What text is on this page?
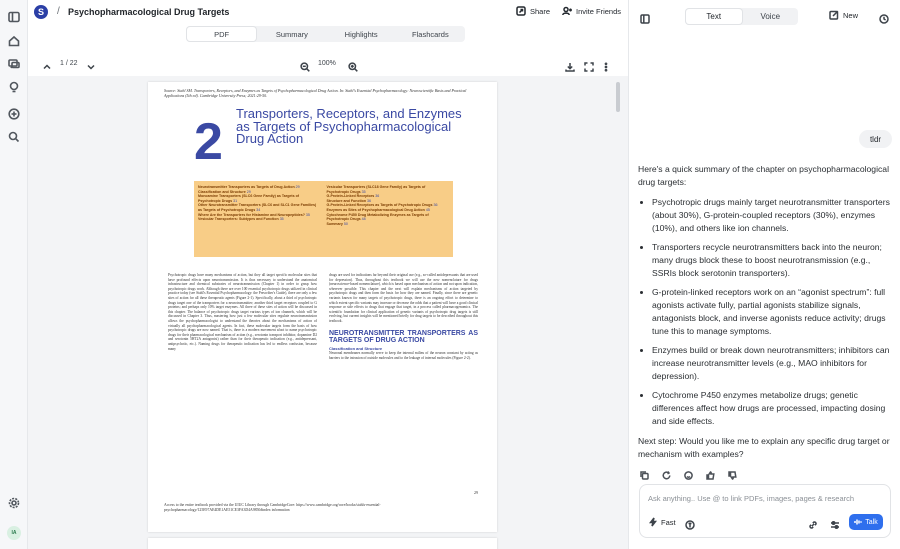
IA
S	/ Psychopharmacological Drug Targets	Share	Invite Friends
PDF	Summary	Highlights	Flashcards
1 / 22	100%
Source: Stahl SM. Transporters, Receptors, and Enzymes as Targets of Psychopharmacological Drug Action. In: Stahl's Essential Psychopharmacology: Neuroscientific Basis and Practical Applications (5th ed). Cambridge University Press; 2021:29-50.
2 Transporters, Receptors, and Enzymes as Targets of Psychopharmacological Drug Action
Neurotransmitter Transporters as Targets of Drug Action 29
Classification and Structure 29
Monoamine Transporters (SLC6 Gene Family) as Targets of Psychotropic Drugs 31
Other Neurotransmitter Transporters (SLC6 and SLC1 Gene Families) as Targets of Psychotropic Drugs 34
Where Are the Transporters for Histamine and Neuropeptides? 35
Vesicular Transporters: Subtypes and Function 35
Vesicular Transporters (SLC18 Gene Family) as Targets of Psychotropic Drugs 35
G-Protein-Linked Receptors 36
Structure and Function 36
G-Protein-Linked Receptors as Targets of Psychotropic Drugs 36
Enzymes as Sites of Psychopharmacological Drug Action 45
Cytochrome P450 Drug Metabolizing Enzymes as Targets of Psychotropic Drugs 48
Summary 50
Psychotropic drugs have many mechanisms of action, but they all target specific molecular sites that have profound effects upon neurotransmission. It is thus necessary to understand the anatomical infrastructure and chemical substrates of neurotransmission (Chapter 1) in order to grasp how psychotropic drugs work. Although there are over 100 essential psychotropic drugs utilized in clinical practice today (see Stahl's Essential Psychopharmacology: the Prescriber's Guide), there are only a few sites of action for all these therapeutic agents (Figure 2-1). Specifically, about a third of psychotropic drugs target one of the transporters for a neurotransmitter; another third target receptors coupled to G proteins; and perhaps only 10% target enzymes. All three of these sites of action will be discussed in this chapter. The balance of psychotropic drugs target various types of ion channels, which will be discussed in Chapter 3. Thus, mastering how just a few molecular sites regulate neurotransmission allows the psychopharmacologist to understand the theories about the mechanisms of action of virtually all psychopharmacological agents. In fact, these molecular targets form the basis of how psychotropic drugs are now named. That is, there is a modern movement afoot to name psychotropic drugs for their pharmacological mechanism of action (e.g., serotonin transport inhibitor, dopamine D2 and serotonin 5HT2A antagonist) rather than for their therapeutic indication (e.g., antidepressant, antipsychotic, etc.). Naming drugs for therapeutic indication has led to endless confusion, because many
drugs are used for indications far beyond their original use (e.g., so-called antidepressants that are used for depression). Thus, throughout this textbook we will use the new nomenclature for drugs (neuroscience-based nomenclature), which is based upon mechanism of action and not upon indication, wherever possible. This chapter and the next will explain mechanisms of action targeted by psychotropic drugs and then form the basis for how they are named. Finally, since there are genetic variants known for many targets of psychotropic drugs, there is an ongoing effort to determine to which extent specific variants may increase or decrease the odds that a patient will have a good clinical response or side effects to drugs that engage that target, in a process called pharmacogenomics. The scientific foundation for clinical application of genetic variants of psychotropic drug targets is still evolving, but current insights will be mentioned briefly for drug targets to be described throughout this textbook.
NEUROTRANSMITTER TRANSPORTERS AS TARGETS OF DRUG ACTION
Classification and Structure
Neuronal membranes normally serve to keep the internal milieu of the neuron constant by acting as barriers to the intrusion of outside molecules and to the leakage of internal molecules (Figure 2-2).
29
Access to the entire textbook provided via the UIUC Library through CambridgeCore: https://www.cambridge.org/core/books/stahls-essential-psychopharmacology/125E97AE4DE1AE51CE3FA3D4A9850#index information
Text	Voice	New
tldr
Here's a quick summary of the chapter on psychopharmacological drug targets:
• Psychotropic drugs mainly target neurotransmitter transporters (about 30%), G-protein-coupled receptors (30%), enzymes (10%), and others like ion channels.
• Transporters recycle neurotransmitters back into the neuron; many drugs block these to boost neurotransmission (e.g., SSRIs block serotonin transporters).
• G-protein-linked receptors work on an “agonist spectrum”: full agonists activate fully, partial agonists stabilize signals, antagonists block, and inverse agonists reduce activity; drugs tune this to manage symptoms.
• Enzymes build or break down neurotransmitters; inhibitors can increase neurotransmitter levels (e.g., MAO inhibitors for depression).
• Cytochrome P450 enzymes metabolize drugs; genetic differences affect how drugs are processed, impacting dosing and side effects.
Next step: Would you like me to explain any specific drug target or mechanism with examples?
Ask anything.. Use @ to link PDFs, images, pages & research
Fast	Talk
